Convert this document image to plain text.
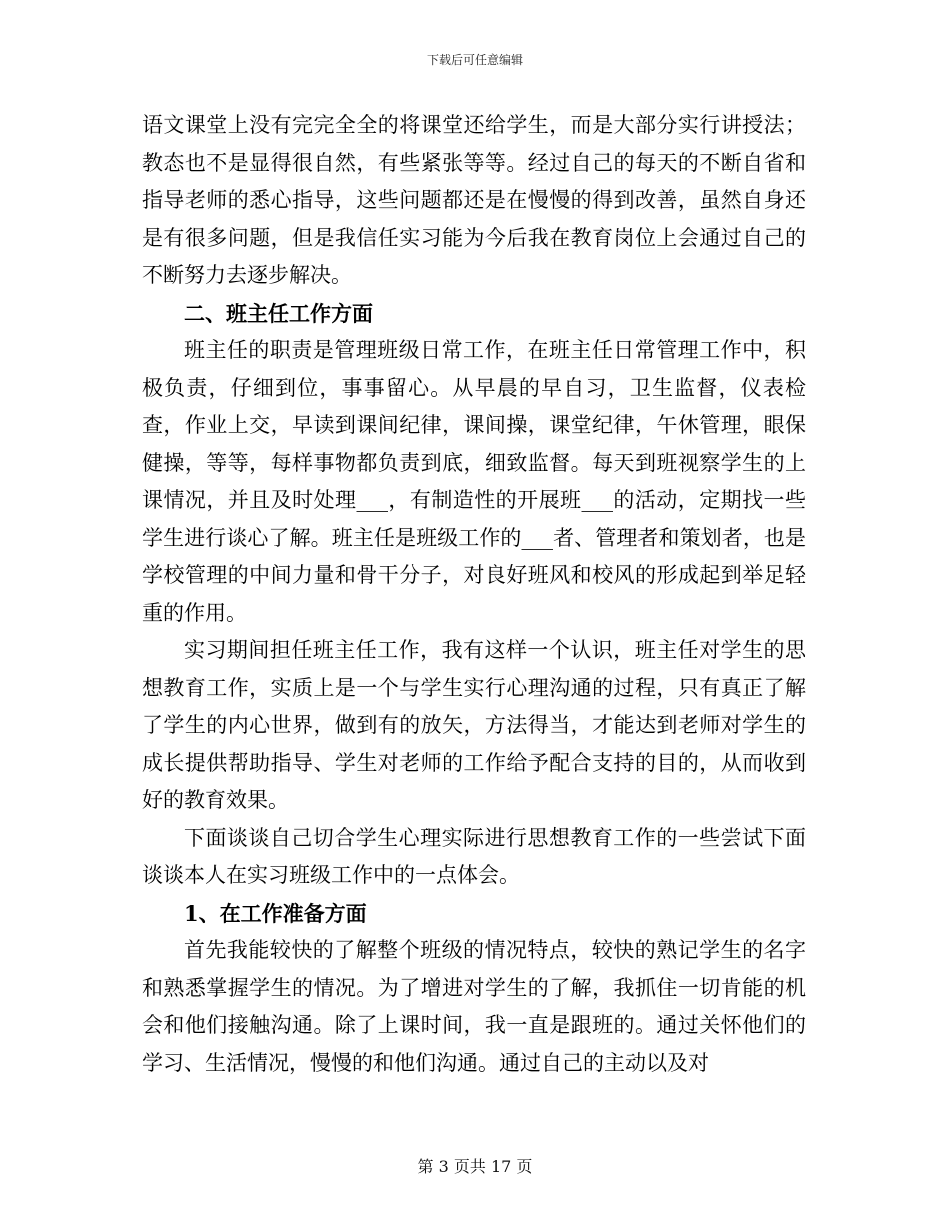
下载后可任意编辑

语文课堂上没有完完全全的将课堂还给学生，而是大部分实行讲授法；教态也不是显得很自然，有些紧张等等。经过自己的每天的不断自省和指导老师的悉心指导，这些问题都还是在慢慢的得到改善，虽然自身还是有很多问题，但是我信任实习能为今后我在教育岗位上会通过自己的不断努力去逐步解决。

二、班主任工作方面

班主任的职责是管理班级日常工作，在班主任日常管理工作中，积极负责，仔细到位，事事留心。从早晨的早自习，卫生监督，仪表检查，作业上交，早读到课间纪律，课间操，课堂纪律，午休管理，眼保健操，等等，每样事物都负责到底，细致监督。每天到班视察学生的上课情况，并且及时处理___，有制造性的开展班___的活动，定期找一些学生进行谈心了解。班主任是班级工作的___者、管理者和策划者，也是学校管理的中间力量和骨干分子，对良好班风和校风的形成起到举足轻重的作用。

实习期间担任班主任工作，我有这样一个认识，班主任对学生的思想教育工作，实质上是一个与学生实行心理沟通的过程，只有真正了解了学生的内心世界，做到有的放矢，方法得当，才能达到老师对学生的成长提供帮助指导、学生对老师的工作给予配合支持的目的，从而收到好的教育效果。

下面谈谈自己切合学生心理实际进行思想教育工作的一些尝试下面谈谈本人在实习班级工作中的一点体会。

1、在工作准备方面

首先我能较快的了解整个班级的情况特点，较快的熟记学生的名字和熟悉掌握学生的情况。为了增进对学生的了解，我抓住一切肯能的机会和他们接触沟通。除了上课时间，我一直是跟班的。通过关怀他们的学习、生活情况，慢慢的和他们沟通。通过自己的主动以及对

第 3 页共 17 页
